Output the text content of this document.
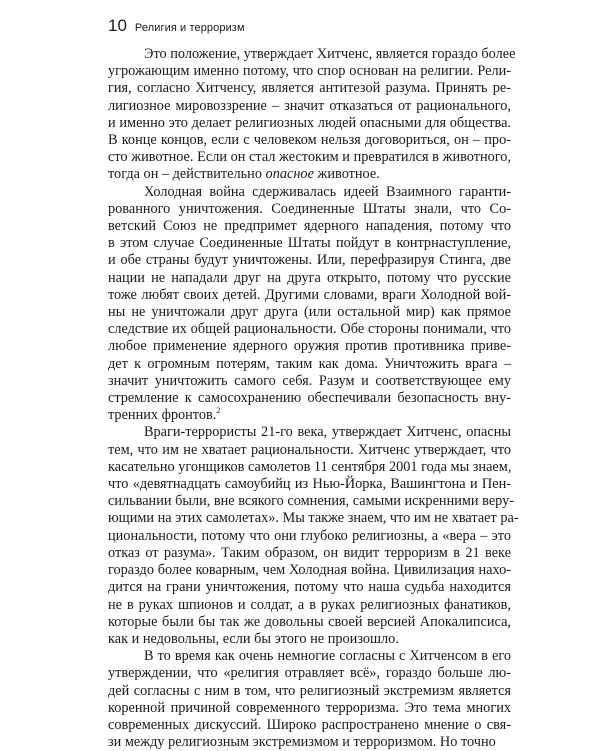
10 Религия и терроризм
Это положение, утверждает Хитченс, является гораздо более
угрожающим именно потому, что спор основан на религии. Рели-
гия, согласно Хитченсу, является антитезой разума. Принять ре-
лигиозное мировоззрение – значит отказаться от рационального,
и именно это делает религиозных людей опасными для общества.
В конце концов, если с человеком нельзя договориться, он – про-
сто животное. Если он стал жестоким и превратился в животного,
тогда он – действительно опасное животное.
Холодная война сдерживалась идеей Взаимного гаранти-
рованного уничтожения. Соединенные Штаты знали, что Со-
ветский Союз не предпримет ядерного нападения, потому что
в этом случае Соединенные Штаты пойдут в контрнаступление,
и обе страны будут уничтожены. Или, перефразируя Стинга, две
нации не нападали друг на друга открыто, потому что русские
тоже любят своих детей. Другими словами, враги Холодной вой-
ны не уничтожали друг друга (или остальной мир) как прямое
следствие их общей рациональности. Обе стороны понимали, что
любое применение ядерного оружия против противника приве-
дет к огромным потерям, таким как дома. Уничтожить врага –
значит уничтожить самого себя. Разум и соответствующее ему
стремление к самосохранению обеспечивали безопасность вну-
тренних фронтов.$^2$
Враги-террористы 21-го века, утверждает Хитченс, опасны
тем, что им не хватает рациональности. Хитченс утверждает, что
касательно угонщиков самолетов 11 сентября 2001 года мы знаем,
что «девятнадцать самоубийц из Нью-Йорка, Вашингтона и Пен-
сильвании были, вне всякого сомнения, самыми искренними веру-
ющими на этих самолетах». Мы также знаем, что им не хватает ра-
циональности, потому что они глубоко религиозны, а «вера – это
отказ от разума». Таким образом, он видит терроризм в 21 веке
гораздо более коварным, чем Холодная война. Цивилизация нахо-
дится на грани уничтожения, потому что наша судьба находится
не в руках шпионов и солдат, а в руках религиозных фанатиков,
которые были бы так же довольны своей версией Апокалипсиса,
как и недовольны, если бы этого не произошло.
В то время как очень немногие согласны с Хитченсом в его
утверждении, что «религия отравляет всё», гораздо больше лю-
дей согласны с ним в том, что религиозный экстремизм является
коренной причиной современного терроризма. Это тема многих
современных дискуссий. Широко распространено мнение о свя-
зи между религиозным экстремизмом и терроризмом. Но точно
